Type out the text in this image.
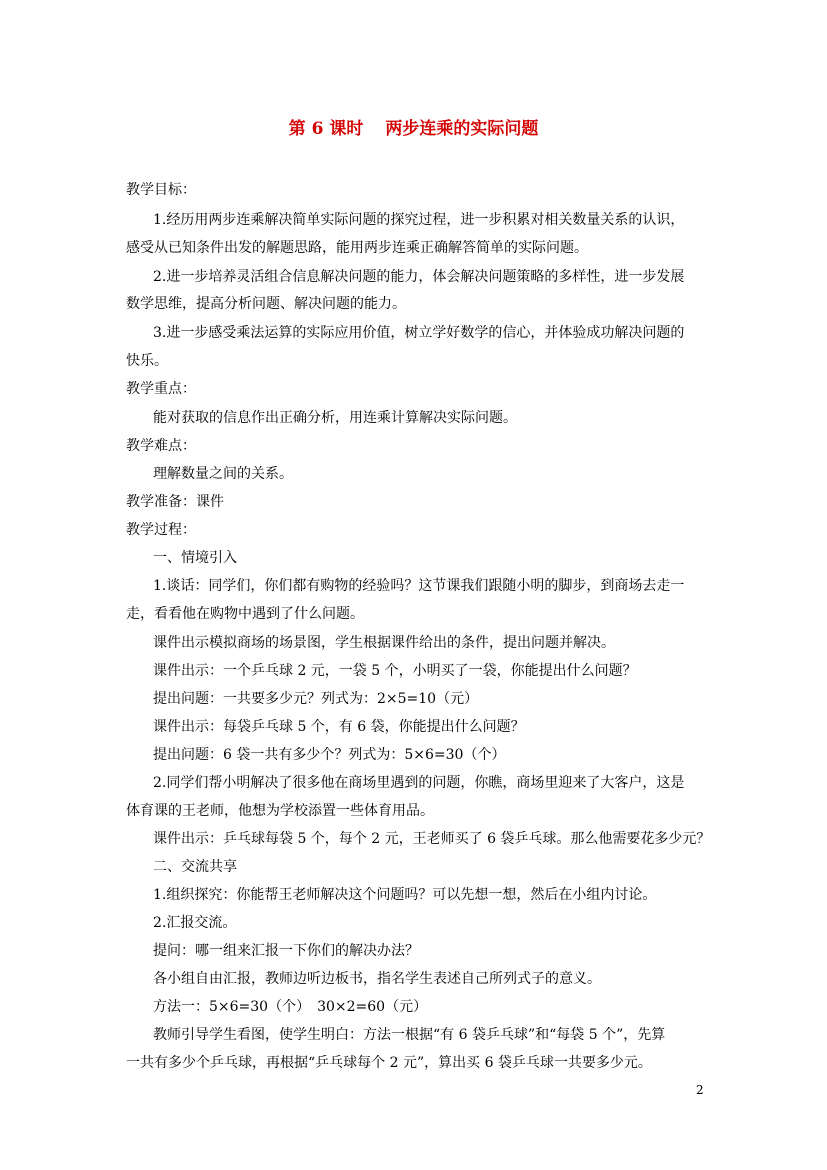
第 6 课时 两步连乘的实际问题
教学目标：
1.经历用两步连乘解决简单实际问题的探究过程，进一步积累对相关数量关系的认识，
感受从已知条件出发的解题思路，能用两步连乘正确解答简单的实际问题。
2.进一步培养灵活组合信息解决问题的能力，体会解决问题策略的多样性，进一步发展
数学思维，提高分析问题、解决问题的能力。
3.进一步感受乘法运算的实际应用价值，树立学好数学的信心，并体验成功解决问题的
快乐。
教学重点：
能对获取的信息作出正确分析，用连乘计算解决实际问题。
教学难点：
理解数量之间的关系。
教学准备：课件
教学过程：
一、情境引入
1.谈话：同学们，你们都有购物的经验吗？这节课我们跟随小明的脚步，到商场去走一
走，看看他在购物中遇到了什么问题。
课件出示模拟商场的场景图，学生根据课件给出的条件，提出问题并解决。
课件出示：一个乒乓球 2 元，一袋 5 个，小明买了一袋，你能提出什么问题？
提出问题：一共要多少元？列式为：2×5=10（元）
课件出示：每袋乒乓球 5 个，有 6 袋，你能提出什么问题？
提出问题：6 袋一共有多少个？列式为：5×6=30（个）
2.同学们帮小明解决了很多他在商场里遇到的问题，你瞧，商场里迎来了大客户，这是
体育课的王老师，他想为学校添置一些体育用品。
课件出示：乒乓球每袋 5 个，每个 2 元，王老师买了 6 袋乒乓球。那么他需要花多少元？
二、交流共享
1.组织探究：你能帮王老师解决这个问题吗？可以先想一想，然后在小组内讨论。
2.汇报交流。
提问：哪一组来汇报一下你们的解决办法？
各小组自由汇报，教师边听边板书，指名学生表述自己所列式子的意义。
方法一：5×6=30（个）　30×2=60（元）
教师引导学生看图，使学生明白：方法一根据“有 6 袋乒乓球”和“每袋 5 个”，先算
一共有多少个乒乓球，再根据“乒乓球每个 2 元”，算出买 6 袋乒乓球一共要多少元。
2
